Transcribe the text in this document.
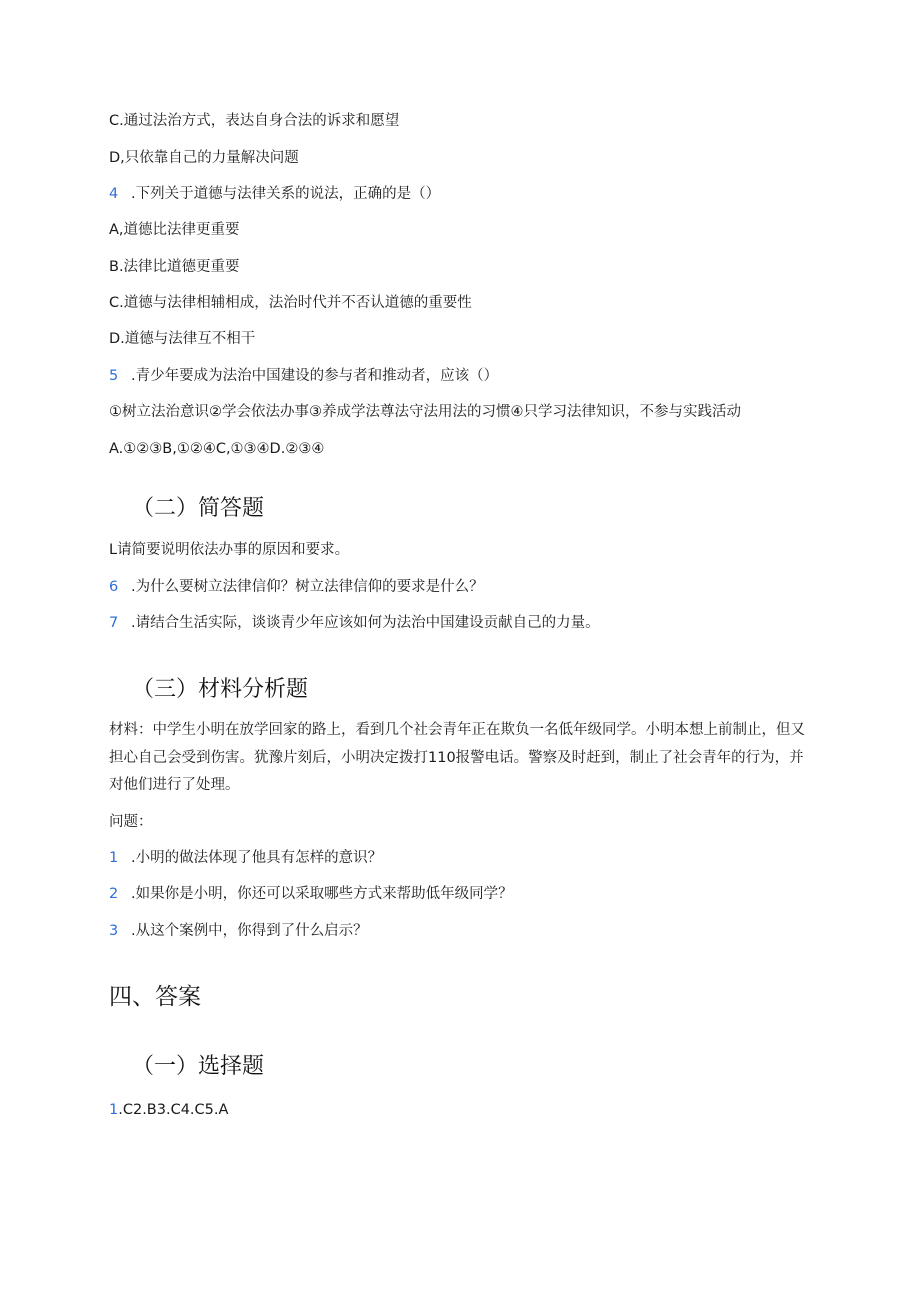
C.通过法治方式，表达自身合法的诉求和愿望
D,只依靠自己的力量解决问题
4 .下列关于道德与法律关系的说法，正确的是（）
A,道德比法律更重要
B.法律比道德更重要
C.道德与法律相辅相成，法治时代并不否认道德的重要性
D.道德与法律互不相干
5 .青少年要成为法治中国建设的参与者和推动者，应该（）
①树立法治意识②学会依法办事③养成学法尊法守法用法的习惯④只学习法律知识，不参与实践活动
A.①②③B,①②④C,①③④D.②③④
（二）简答题
L请简要说明依法办事的原因和要求。
6 .为什么要树立法律信仰？树立法律信仰的要求是什么？
7 .请结合生活实际，谈谈青少年应该如何为法治中国建设贡献自己的力量。
（三）材料分析题
材料：中学生小明在放学回家的路上，看到几个社会青年正在欺负一名低年级同学。小明本想上前制止，但又担心自己会受到伤害。犹豫片刻后，小明决定拨打110报警电话。警察及时赶到，制止了社会青年的行为，并对他们进行了处理。
问题：
1 .小明的做法体现了他具有怎样的意识？
2 .如果你是小明，你还可以采取哪些方式来帮助低年级同学？
3 .从这个案例中，你得到了什么启示？
四、答案
（一）选择题
1.C2.B3.C4.C5.A
